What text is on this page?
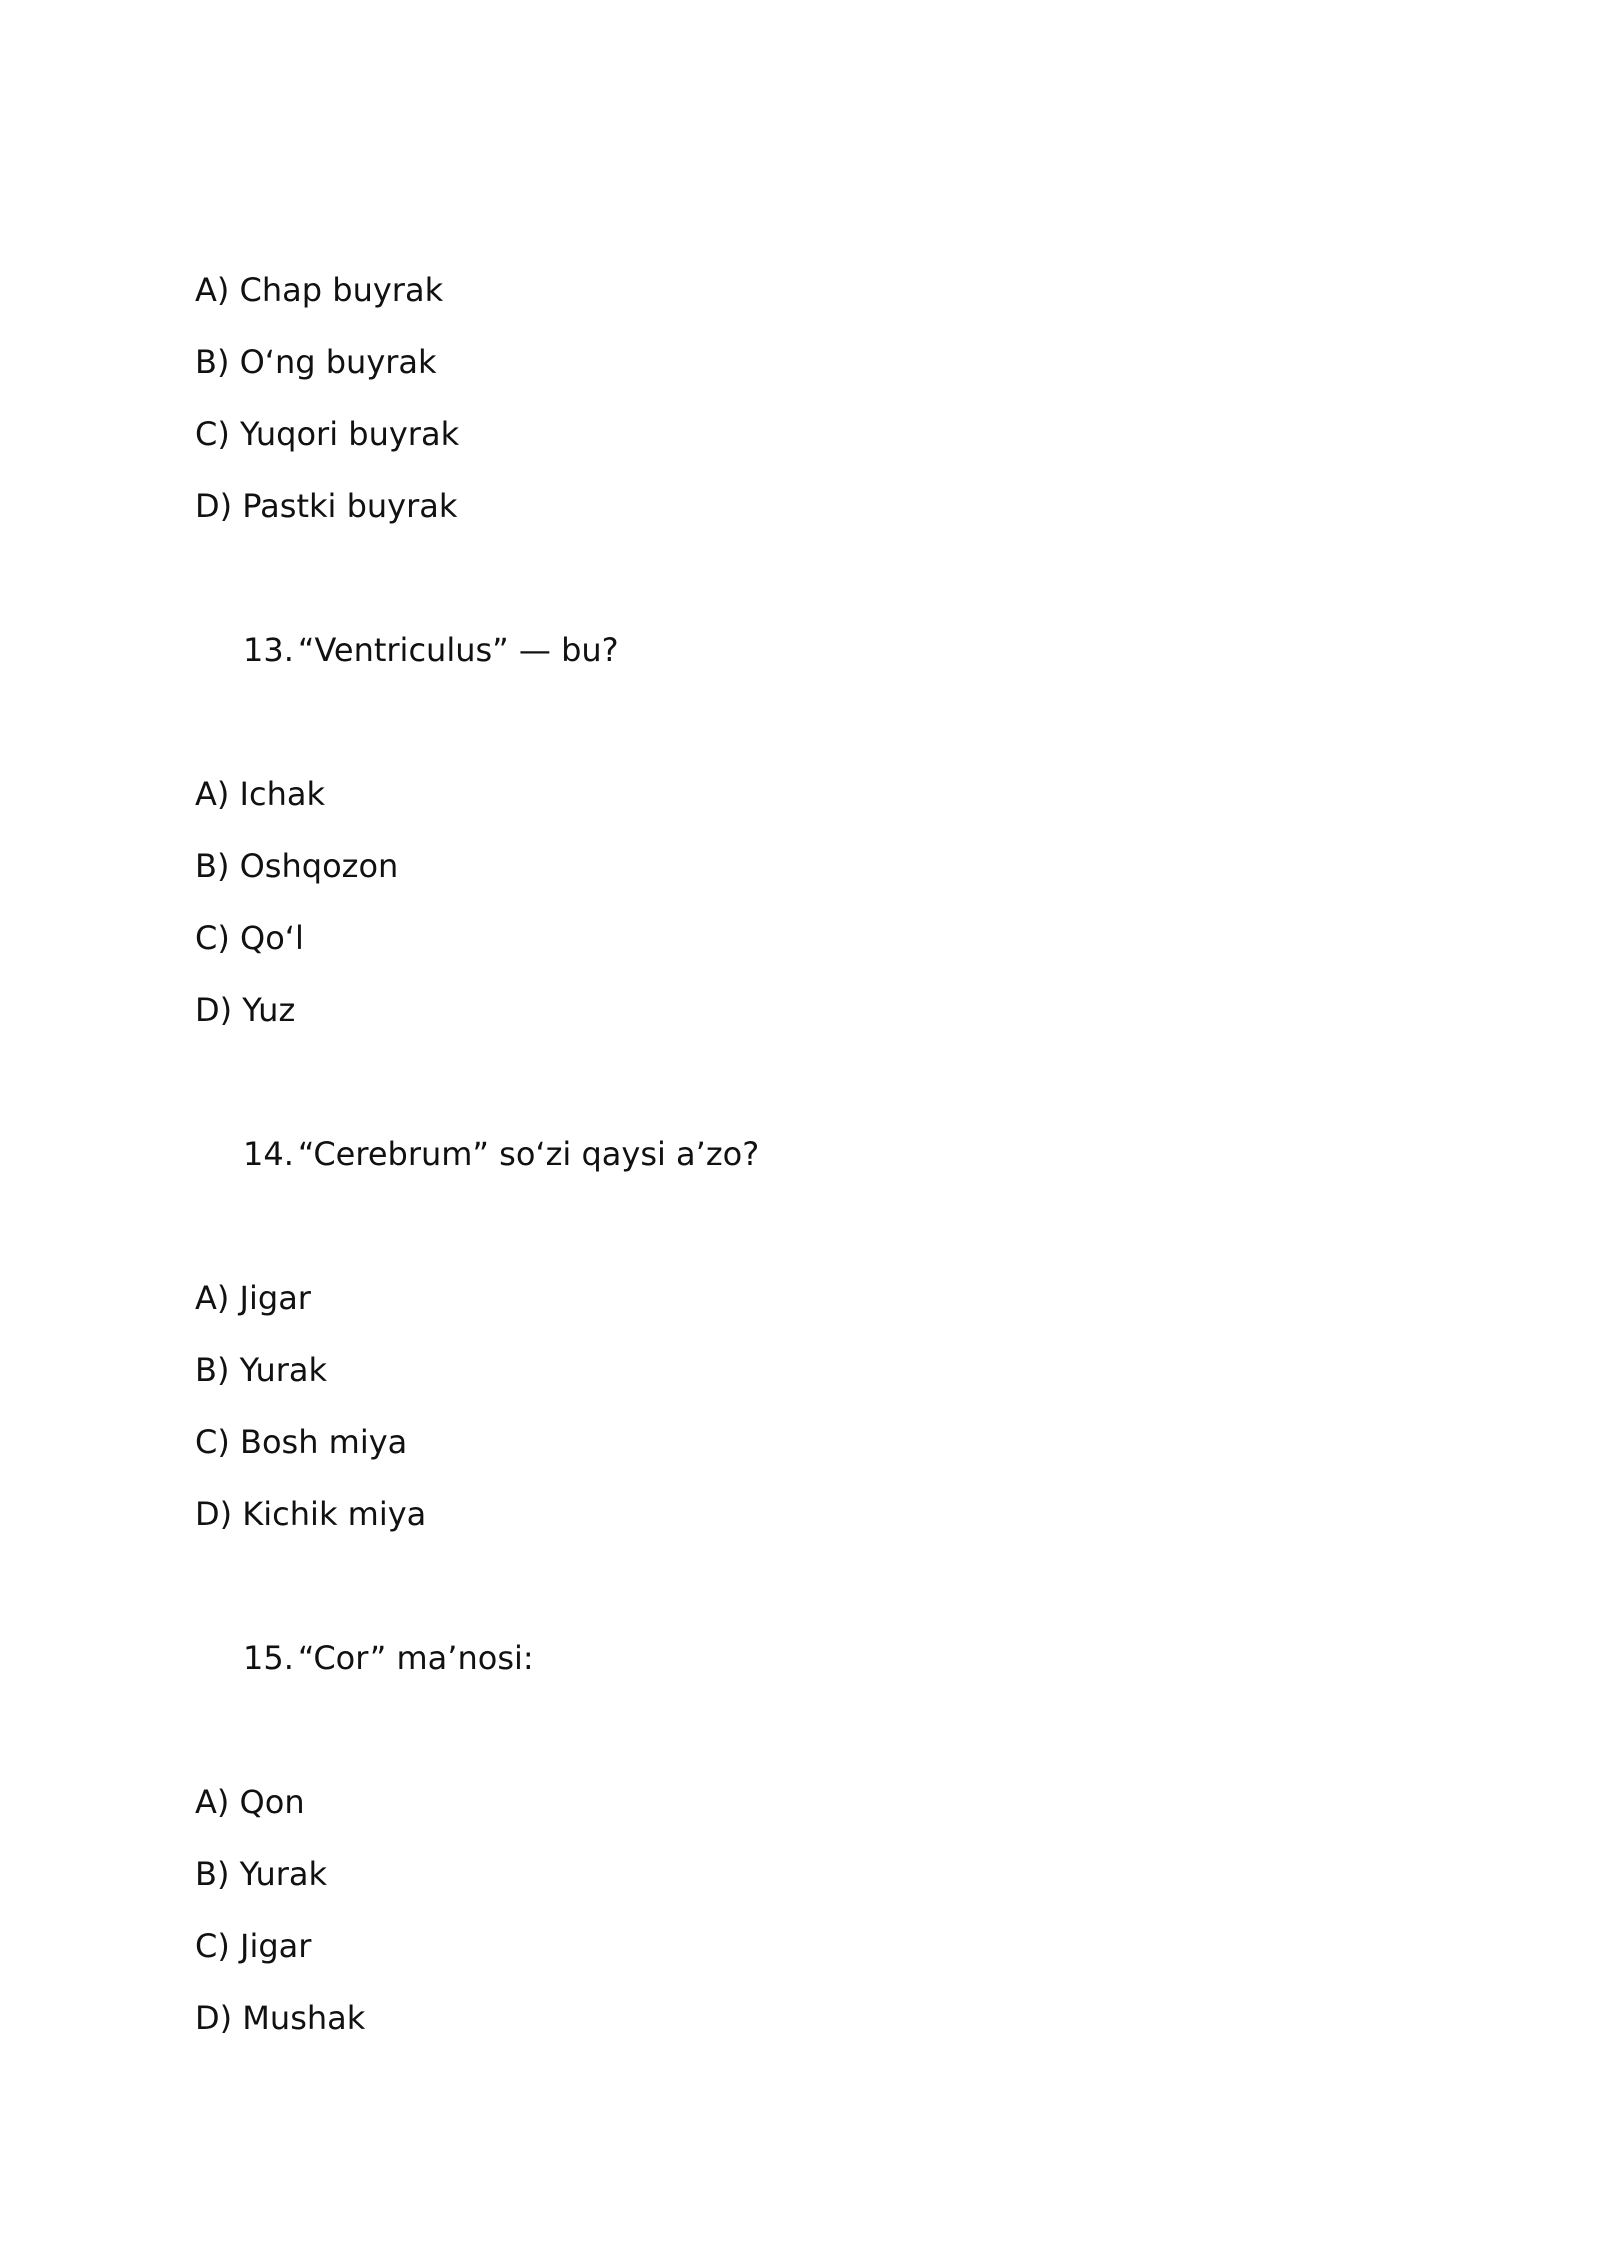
A) Chap buyrak
B) O‘ng buyrak
C) Yuqori buyrak
D) Pastki buyrak
13. “Ventriculus” — bu?
A) Ichak
B) Oshqozon
C) Qo‘l
D) Yuz
14. “Cerebrum” so‘zi qaysi a’zo?
A) Jigar
B) Yurak
C) Bosh miya
D) Kichik miya
15. “Cor” ma’nosi:
A) Qon
B) Yurak
C) Jigar
D) Mushak
